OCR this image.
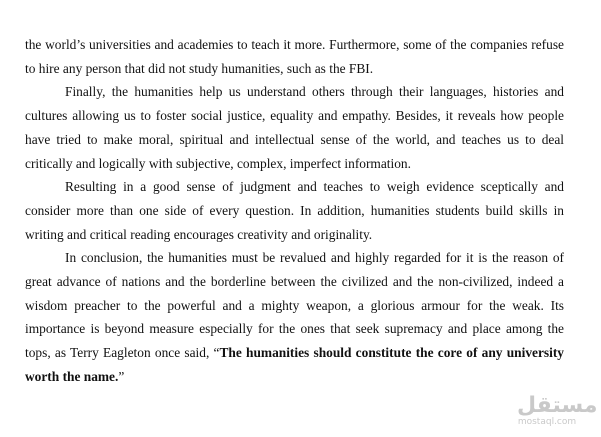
the world’s universities and academies to teach it more. Furthermore, some of the companies refuse to hire any person that did not study humanities, such as the FBI.

Finally, the humanities help us understand others through their languages, histories and cultures allowing us to foster social justice, equality and empathy. Besides, it reveals how people have tried to make moral, spiritual and intellectual sense of the world, and teaches us to deal critically and logically with subjective, complex, imperfect information.

Resulting in a good sense of judgment and teaches to weigh evidence sceptically and consider more than one side of every question. In addition, humanities students build skills in writing and critical reading encourages creativity and originality.

In conclusion, the humanities must be revalued and highly regarded for it is the reason of great advance of nations and the borderline between the civilized and the non-civilized, indeed a wisdom preacher to the powerful and a mighty weapon, a glorious armour for the weak. Its importance is beyond measure especially for the ones that seek supremacy and place among the tops, as Terry Eagleton once said, “The humanities should constitute the core of any university worth the name.”

مستقل
mostaql.com
